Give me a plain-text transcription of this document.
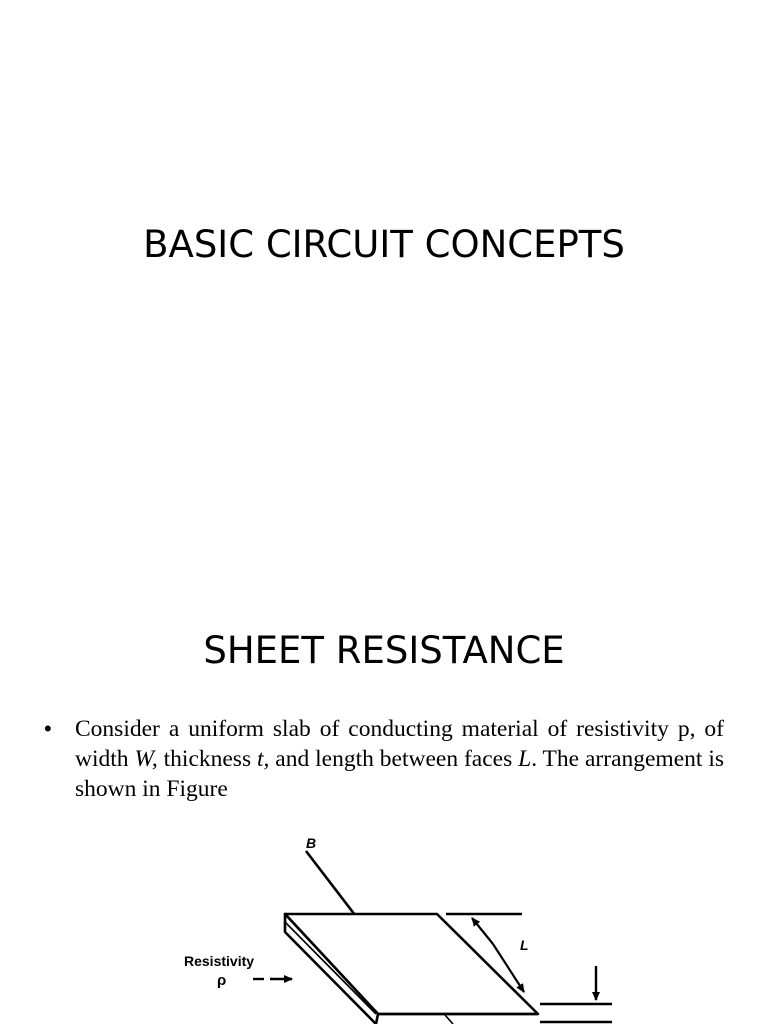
BASIC CIRCUIT CONCEPTS
SHEET RESISTANCE
• Consider a uniform slab of conducting material of resistivity p, of width W, thickness t, and length between faces L. The arrangement is shown in Figure
B
L
Resistivity
ρ
